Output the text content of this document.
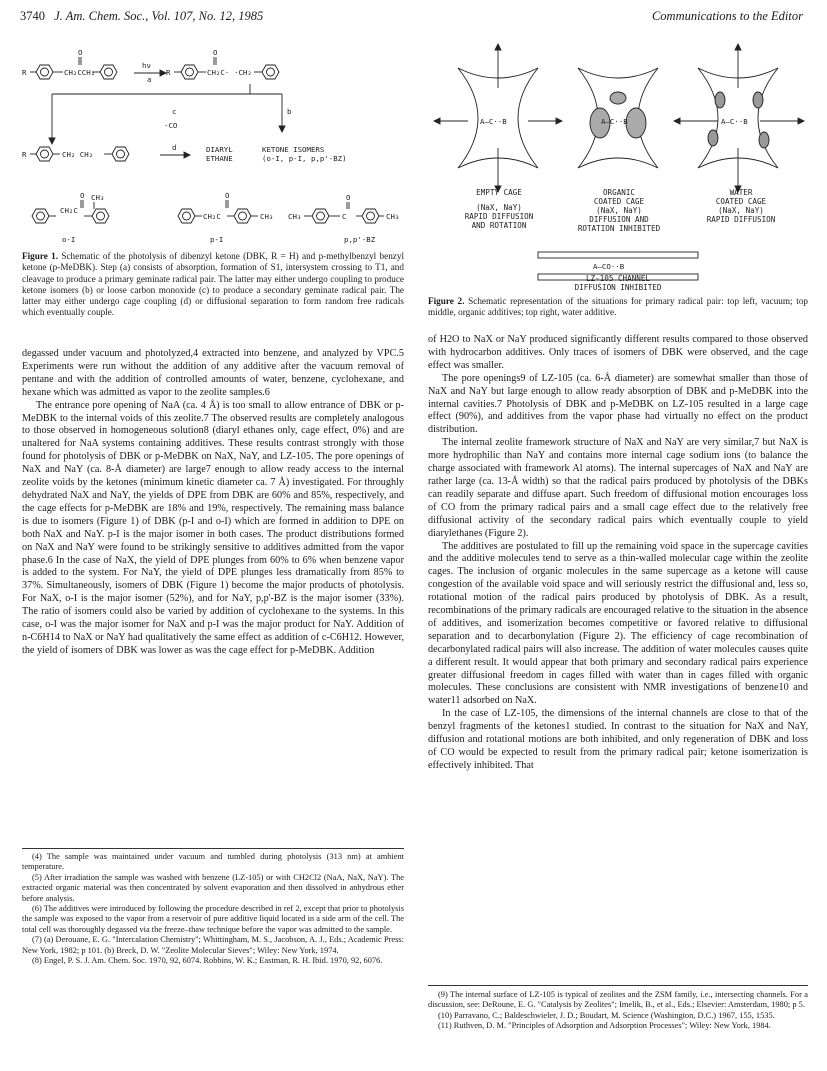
3740 J. Am. Chem. Soc., Vol. 107, No. 12, 1985	Communications to the Editor
R	CH₂CCH₂
O
R	CH₂C·
O
·CH₂
R	CH₂ CH₂
CH₂C
O CH₃
CH₂C
O
CH₃ CH₃	C
O
CH₃
hν
a
c
-CO
b
d	DIARYL
ETHANE
KETONE ISOMERS
(o-I, p-I, p,p'-BZ)
o-I	p-I	p,p'-BZ
Figure 1. Schematic of the photolysis of dibenzyl ketone (DBK, R = H) and p-methylbenzyl benzyl ketone (p-MeDBK). Step (a) consists of absorption, formation of S1, intersystem crossing to T1, and cleavage to produce a primary geminate radical pair. The latter may either undergo coupling to produce ketone isomers (b) or loose carbon monoxide (c) to produce a secondary geminate radical pair. The latter may either undergo cage coupling (d) or diffusional separation to form random free radicals which eventually couple.

degassed under vacuum and photolyzed,4 extracted into benzene, and analyzed by VPC.5 Experiments were run without the addition of any additive after the vacuum removal of pentane and with the addition of controlled amounts of water, benzene, cyclohexane, and hexane which was admitted as vapor to the zeolite samples.6

The entrance pore opening of NaA (ca. 4 Å) is too small to allow entrance of DBK or p-MeDBK to the internal voids of this zeolite.7 The observed results are completely analogous to those observed in homogeneous solution8 (diaryl ethanes only, cage effect, 0%) and are unaltered for NaA systems containing additives. These results contrast strongly with those found for photolysis of DBK or p-MeDBK on NaX, NaY, and LZ-105. The pore openings of NaX and NaY (ca. 8-Å diameter) are large7 enough to allow ready access to the internal zeolite voids by the ketones (minimum kinetic diameter ca. 7 Å) investigated. For throughly dehydrated NaX and NaY, the yields of DPE from DBK are 60% and 85%, respectively, and the cage effects for p-MeDBK are 18% and 19%, respectively. The remaining mass balance is due to isomers (Figure 1) of DBK (p-I and o-I) which are formed in addition to DPE on both NaX and NaY. p-I is the major isomer in both cases. The product distributions formed on NaX and NaY were found to be strikingly sensitive to additives admitted from the vapor phase.6 In the case of NaX, the yield of DPE plunges from 60% to 6% when benzene vapor is added to the system. For NaY, the yield of DPE plunges less dramatically from 85% to 37%. Simultaneously, isomers of DBK (Figure 1) become the major products of photolysis. For NaX, o-I is the major isomer (52%), and for NaY, p,p'-BZ is the major isomer (33%). The ratio of isomers could also be varied by addition of cyclohexane to the systems. In this case, o-I was the major isomer for NaX and p-I was the major product for NaY. Addition of n-C6H14 to NaX or NaY had qualitatively the same effect as addition of c-C6H12. However, the yield of isomers of DBK was lower as was the cage effect for p-MeDBK. Addition

(4) The sample was maintained under vacuum and tumbled during photolysis (313 nm) at ambient temperature.

(5) After irradiation the sample was washed with benzene (LZ-105) or with CH2Cl2 (NaA, NaX, NaY). The extracted organic material was then concentrated by solvent evaporation and then dissolved in anhydrous ether before analysis.

(6) The additives were introduced by following the procedure described in ref 2, except that prior to photolysis the sample was exposed to the vapor from a reservoir of pure additive liquid located in a side arm of the cell. The total cell was thoroughly degassed via the freeze–thaw technique before the vapor was admitted to the sample.

(7) (a) Derouane, E. G. "Intercalation Chemistry"; Whittingham, M. S., Jacobson, A. J., Eds.; Academic Press: New York, 1982; p 101. (b) Breck, D. W. "Zeolite Molecular Sieves"; Wiley: New York, 1974.

(8) Engel, P. S. J. Am. Chem. Soc. 1970, 92, 6074. Robbins, W. K.; Eastman, R. H. Ibid. 1970, 92, 6076.

A—C··B	A—C··B	A—C··B
A—CO··B
EMPTY CAGE
(NaX, NaY)
RAPID DIFFUSION
AND ROTATION
ORGANIC
COATED CAGE
(NaX, NaY)
DIFFUSION AND
ROTATION INHIBITED
WATER
COATED CAGE
(NaX, NaY)
RAPID DIFFUSION
LZ-105 CHANNEL
DIFFUSION INHIBITED
Figure 2. Schematic representation of the situations for primary radical pair: top left, vacuum; top middle, organic additives; top right, water additive.

of H2O to NaX or NaY produced significantly different results compared to those observed with hydrocarbon additives. Only traces of isomers of DBK were observed, and the cage effect was smaller.

The pore openings9 of LZ-105 (ca. 6-Å diameter) are somewhat smaller than those of NaX and NaY but large enough to allow ready absorption of DBK and p-MeDBK into the internal cavities.7 Photolysis of DBK and p-MeDBK on LZ-105 resulted in a large cage effect (90%), and additives from the vapor phase had virtually no effect on the product distribution.

The internal zeolite framework structure of NaX and NaY are very similar,7 but NaX is more hydrophilic than NaY and contains more internal cage sodium ions (to balance the charge associated with framework Al atoms). The internal supercages of NaX and NaY are rather large (ca. 13-Å width) so that the radical pairs produced by photolysis of the DBKs can readily separate and diffuse apart. Such freedom of diffusional motion encourages loss of CO from the primary radical pairs and a small cage effect due to the relatively free diffusional activity of the secondary radical pairs which eventually couple to yield diarylethanes (Figure 2).

The additives are postulated to fill up the remaining void space in the supercage cavities and the additive molecules tend to serve as a thin-walled molecular cage within the zeolite cages. The inclusion of organic molecules in the same supercage as a ketone will cause congestion of the available void space and will seriously restrict the diffusional and, less so, rotational motion of the radical pairs produced by photolysis of DBK. As a result, recombinations of the primary radicals are encouraged relative to the situation in the absence of additives, and isomerization becomes competitive or favored relative to diffusional separation and to decarbonylation (Figure 2). The efficiency of cage recombination of decarbonylated radical pairs will also increase. The addition of water molecules causes quite a different result. It would appear that both primary and secondary radical pairs experience greater diffusional freedom in cages filled with water than in cages filled with organic molecules. These conclusions are consistent with NMR investigations of benzene10 and water11 adsorbed on NaX.

In the case of LZ-105, the dimensions of the internal channels are close to that of the benzyl fragments of the ketones1 studied. In contrast to the situation for NaX and NaY, diffusion and rotational motions are both inhibited, and only regeneration of DBK and loss of CO would be expected to result from the primary radical pair; ketone isomerization is effectively inhibited. That

(9) The internal surface of LZ-105 is typical of zeolites and the ZSM family, i.e., intersecting channels. For a discussion, see: DeRoune, E. G. "Catalysis by Zeolites"; Imelik, B., et al., Eds.; Elsevier: Amsterdam, 1980; p 5.

(10) Parravano, C.; Baldeschwieler, J. D.; Boudart, M. Science (Washington, D.C.) 1967, 155, 1535.

(11) Ruthven, D. M. "Principles of Adsorption and Adsorption Processes"; Wiley: New York, 1984.
